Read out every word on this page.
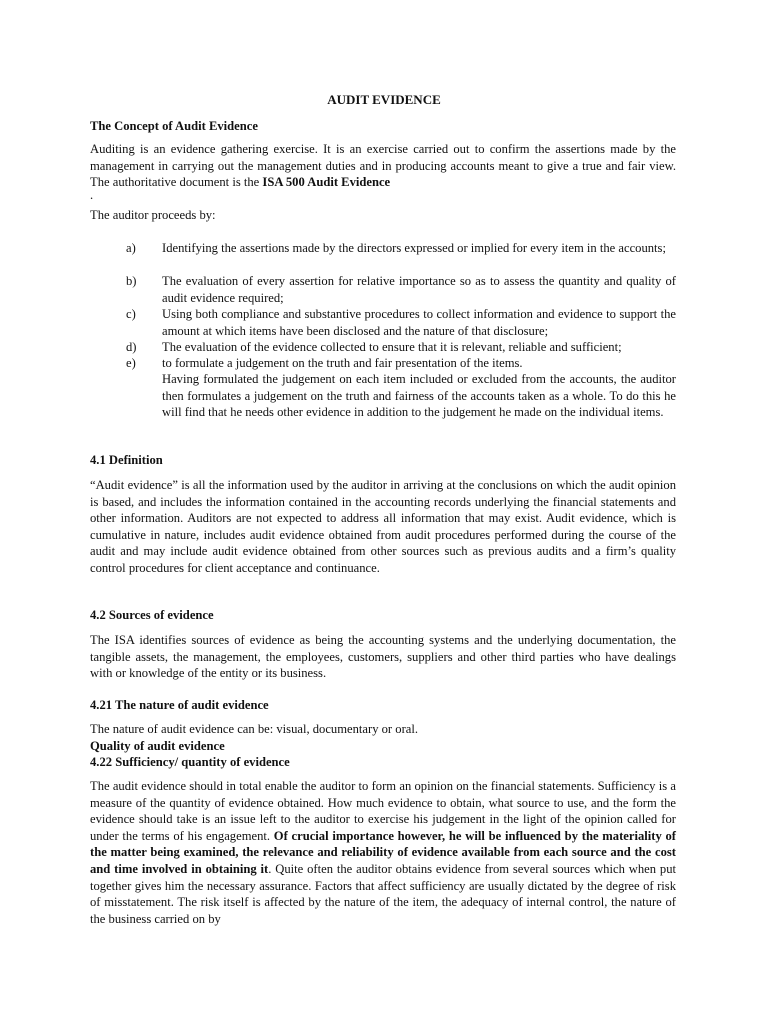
AUDIT EVIDENCE
The Concept of Audit Evidence
Auditing is an evidence gathering exercise. It is an exercise carried out to confirm the assertions made by the management in carrying out the management duties and in producing accounts meant to give a true and fair view. The authoritative document is the ISA 500 Audit Evidence
.
The auditor proceeds by:
a) Identifying the assertions made by the directors expressed or implied for every item in the accounts;
b) The evaluation of every assertion for relative importance so as to assess the quantity and quality of audit evidence required;
c) Using both compliance and substantive procedures to collect information and evidence to support the amount at which items have been disclosed and the nature of that disclosure;
d) The evaluation of the evidence collected to ensure that it is relevant, reliable and sufficient;
e) to formulate a judgement on the truth and fair presentation of the items.
Having formulated the judgement on each item included or excluded from the accounts, the auditor then formulates a judgement on the truth and fairness of the accounts taken as a whole. To do this he will find that he needs other evidence in addition to the judgement he made on the individual items.
4.1 Definition
“Audit evidence” is all the information used by the auditor in arriving at the conclusions on which the audit opinion is based, and includes the information contained in the accounting records underlying the financial statements and other information. Auditors are not expected to address all information that may exist. Audit evidence, which is cumulative in nature, includes audit evidence obtained from audit procedures performed during the course of the audit and may include audit evidence obtained from other sources such as previous audits and a firm’s quality control procedures for client acceptance and continuance.
4.2 Sources of evidence
The ISA identifies sources of evidence as being the accounting systems and the underlying documentation, the tangible assets, the management, the employees, customers, suppliers and other third parties who have dealings with or knowledge of the entity or its business.
4.21 The nature of audit evidence
The nature of audit evidence can be: visual, documentary or oral.
Quality of audit evidence
4.22 Sufficiency/ quantity of evidence
The audit evidence should in total enable the auditor to form an opinion on the financial statements. Sufficiency is a measure of the quantity of evidence obtained. How much evidence to obtain, what source to use, and the form the evidence should take is an issue left to the auditor to exercise his judgement in the light of the opinion called for under the terms of his engagement. Of crucial importance however, he will be influenced by the materiality of the matter being examined, the relevance and reliability of evidence available from each source and the cost and time involved in obtaining it. Quite often the auditor obtains evidence from several sources which when put together gives him the necessary assurance. Factors that affect sufficiency are usually dictated by the degree of risk of misstatement. The risk itself is affected by the nature of the item, the adequacy of internal control, the nature of the business carried on by
